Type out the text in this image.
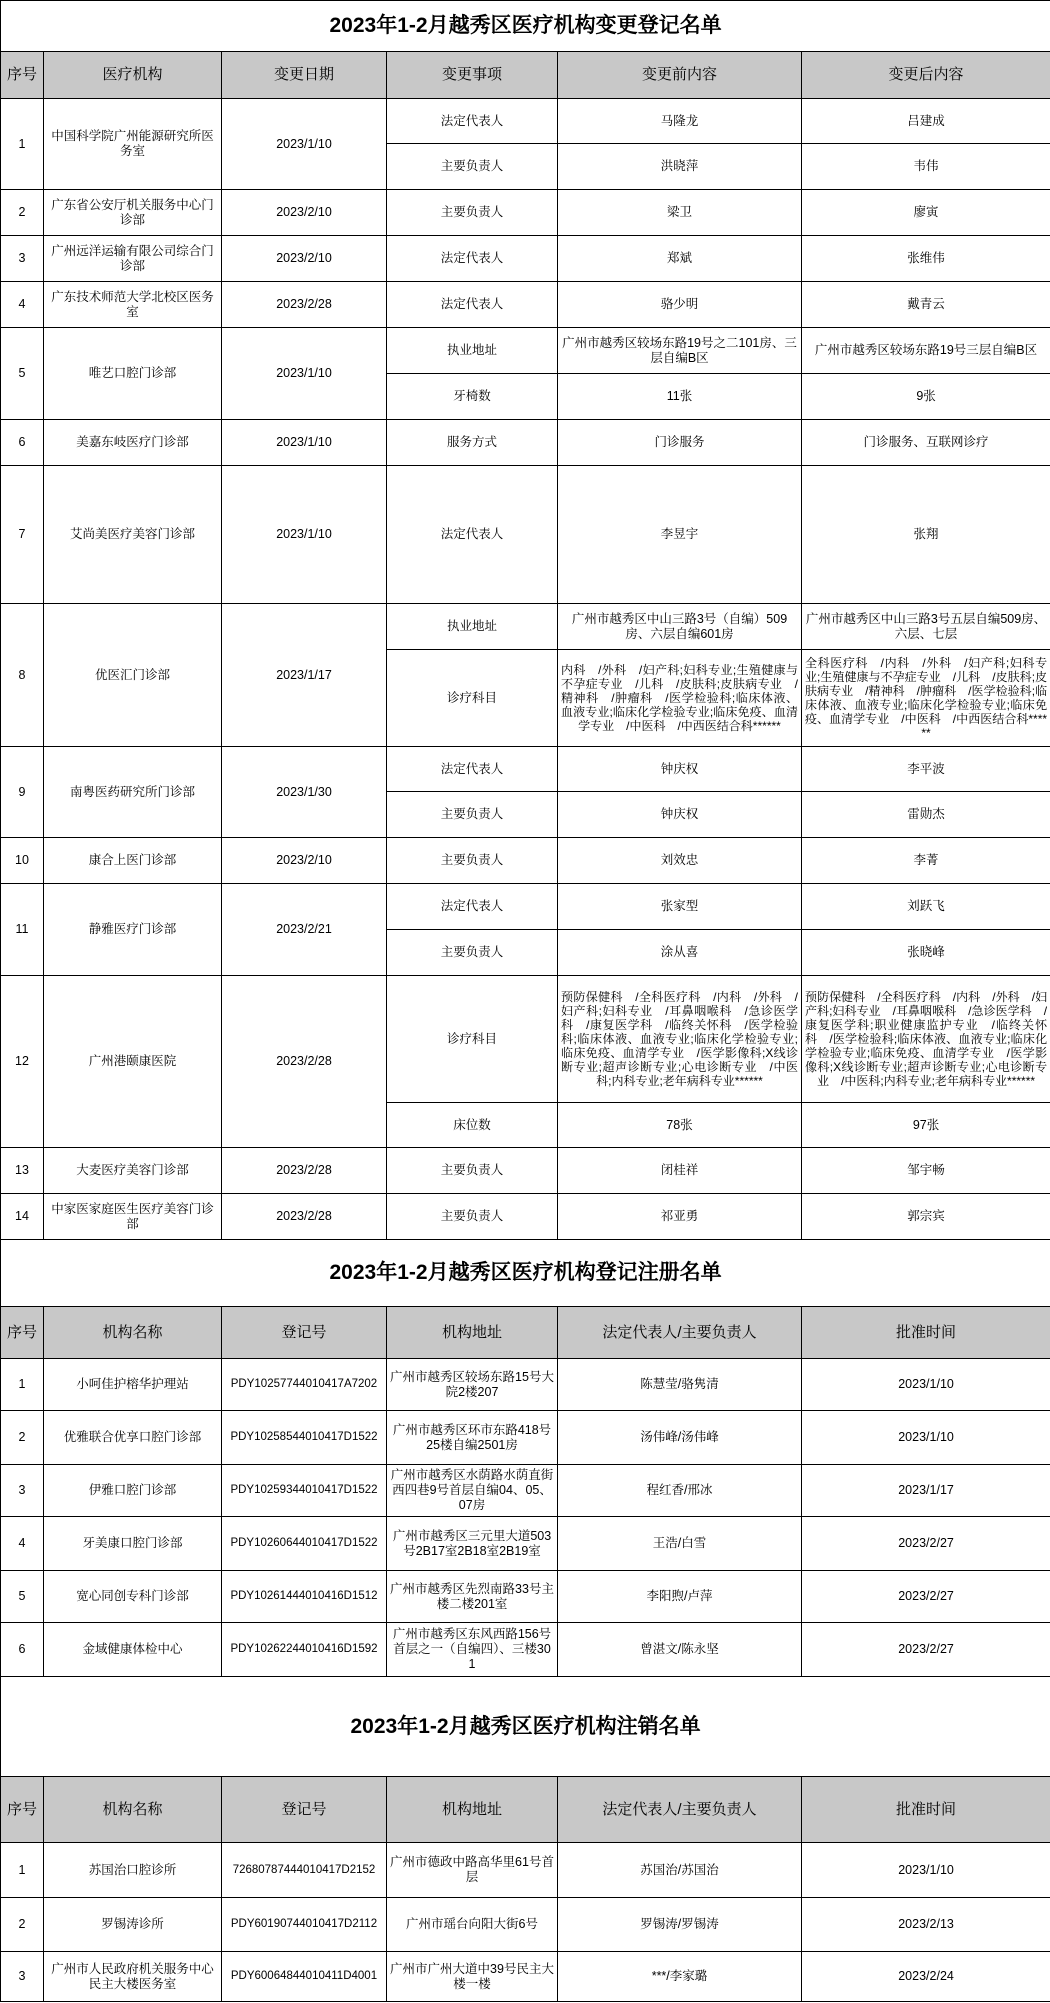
2023年1-2月越秀区医疗机构变更登记名单					
序号	医疗机构	变更日期	变更事项	变更前内容	变更后内容
1	中国科学院广州能源研究所医务室	2023/1/10	法定代表人	马隆龙	吕建成
			主要负责人	洪晓萍	韦伟
2	广东省公安厅机关服务中心门诊部	2023/2/10	主要负责人	梁卫	廖寅
3	广州远洋运输有限公司综合门诊部	2023/2/10	法定代表人	郑斌	张维伟
4	广东技术师范大学北校区医务室	2023/2/28	法定代表人	骆少明	戴青云
5	唯艺口腔门诊部	2023/1/10	执业地址	广州市越秀区较场东路19号之二101房、三层自编B区	广州市越秀区较场东路19号三层自编B区
			牙椅数	11张	9张
6	美嘉东岐医疗门诊部	2023/1/10	服务方式	门诊服务	门诊服务、互联网诊疗
7	艾尚美医疗美容门诊部	2023/1/10	法定代表人	李昱宇	张翔
8	优医汇门诊部	2023/1/17	执业地址	广州市越秀区中山三路3号（自编）509房、六层自编601房	广州市越秀区中山三路3号五层自编509房、六层、七层
			诊疗科目	内科　/外科　/妇产科;妇科专业;生殖健康与不孕症专业　/儿科　/皮肤科;皮肤病专业　/精神科　/肿瘤科　/医学检验科;临床体液、血液专业;临床化学检验专业;临床免疫、血清学专业　/中医科　/中西医结合科******	全科医疗科　/内科　/外科　/妇产科;妇科专业;生殖健康与不孕症专业　/儿科　/皮肤科;皮肤病专业　/精神科　/肿瘤科　/医学检验科;临床体液、血液专业;临床化学检验专业;临床免疫、血清学专业　/中医科　/中西医结合科******
9	南粤医药研究所门诊部	2023/1/30	法定代表人	钟庆权	李平波
			主要负责人	钟庆权	雷勋杰
10	康合上医门诊部	2023/2/10	主要负责人	刘效忠	李菁
11	静雅医疗门诊部	2023/2/21	法定代表人	张家型	刘跃飞
			主要负责人	涂从喜	张晓峰
12	广州港颐康医院	2023/2/28	诊疗科目	预防保健科　/全科医疗科　/内科　/外科　/妇产科;妇科专业　/耳鼻咽喉科　/急诊医学科　/康复医学科　/临终关怀科　/医学检验科;临床体液、血液专业;临床化学检验专业;临床免疫、血清学专业　/医学影像科;X线诊断专业;超声诊断专业;心电诊断专业　/中医科;内科专业;老年病科专业******	预防保健科　/全科医疗科　/内科　/外科　/妇产科;妇科专业　/耳鼻咽喉科　/急诊医学科　/康复医学科;职业健康监护专业　/临终关怀科　/医学检验科;临床体液、血液专业;临床化学检验专业;临床免疫、血清学专业　/医学影像科;X线诊断专业;超声诊断专业;心电诊断专业　/中医科;内科专业;老年病科专业******
			床位数	78张	97张
13	大麦医疗美容门诊部	2023/2/28	主要负责人	闭桂祥	邹宇畅
14	中家医家庭医生医疗美容门诊部	2023/2/28	主要负责人	祁亚勇	郭宗宾
2023年1-2月越秀区医疗机构登记注册名单					
序号	机构名称	登记号	机构地址	法定代表人/主要负责人	批准时间
1	小呵佳护榕华护理站	PDY10257744010417A7202	广州市越秀区较场东路15号大院2楼207	陈慧莹/骆隽清	2023/1/10
2	优雅联合优享口腔门诊部	PDY10258544010417D1522	广州市越秀区环市东路418号25楼自编2501房	汤伟峰/汤伟峰	2023/1/10
3	伊雅口腔门诊部	PDY10259344010417D1522	广州市越秀区水荫路水荫直街西四巷9号首层自编04、05、07房	程红香/邢冰	2023/1/17
4	牙美康口腔门诊部	PDY10260644010417D1522	广州市越秀区三元里大道503号2B17室2B18室2B19室	王浩/白雪	2023/2/27
5	宽心同创专科门诊部	PDY10261444010416D1512	广州市越秀区先烈南路33号主楼二楼201室	李阳煦/卢萍	2023/2/27
6	金域健康体检中心	PDY10262244010416D1592	广州市越秀区东风西路156号首层之一（自编四）、三楼301	曾湛文/陈永坚	2023/2/27
2023年1-2月越秀区医疗机构注销名单					
序号	机构名称	登记号	机构地址	法定代表人/主要负责人	批准时间
1	苏国治口腔诊所	72680787444010417D2152	广州市德政中路高华里61号首层	苏国治/苏国治	2023/1/10
2	罗锡涛诊所	PDY60190744010417D2112	广州市瑶台向阳大街6号	罗锡涛/罗锡涛	2023/2/13
3	广州市人民政府机关服务中心民主大楼医务室	PDY60064844010411D4001	广州市广州大道中39号民主大楼一楼	***/李家璐	2023/2/24
